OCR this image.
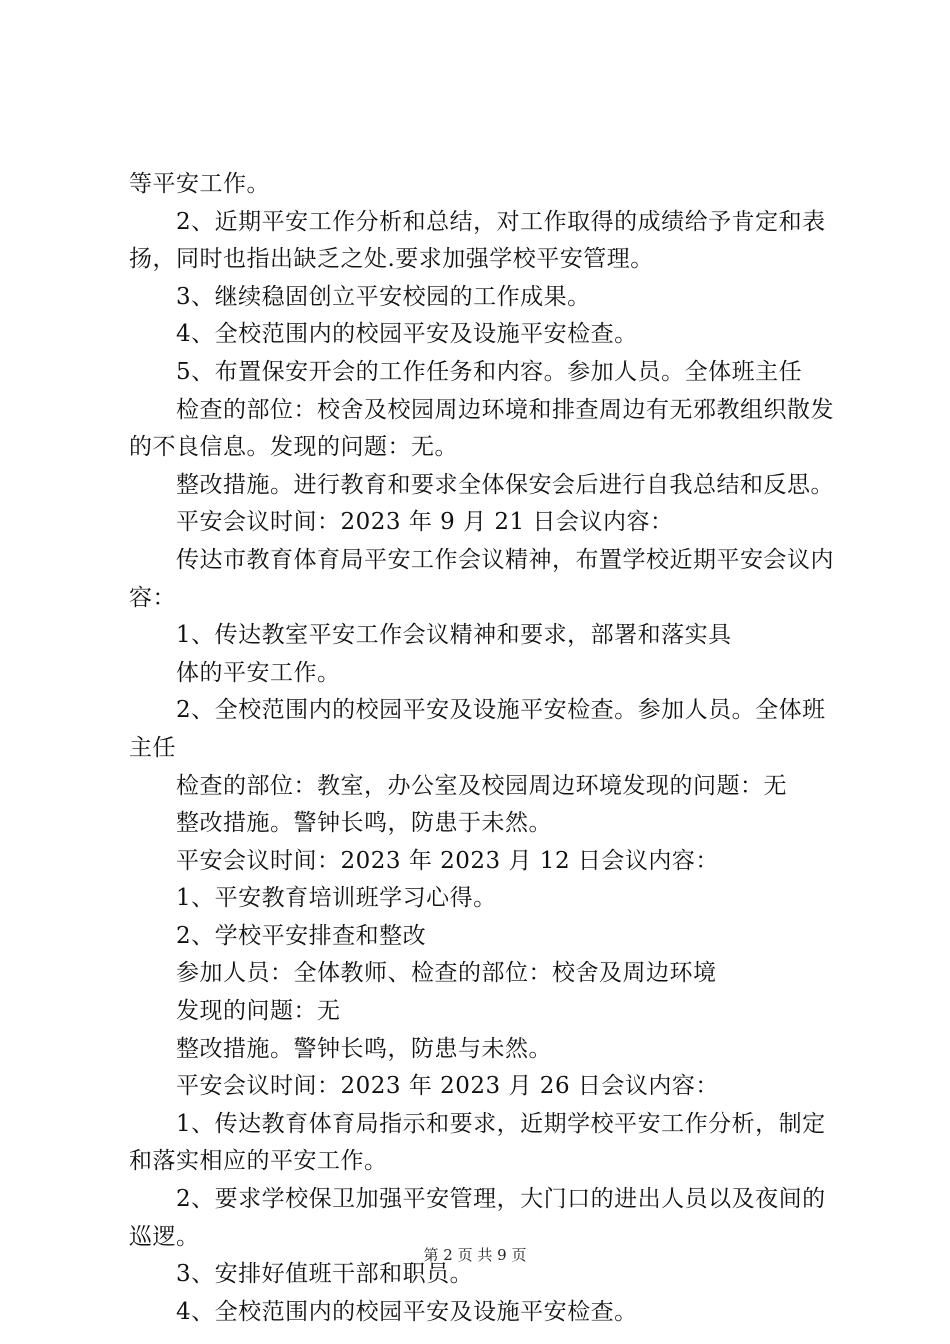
等平安工作。

2、近期平安工作分析和总结，对工作取得的成绩给予肯定和表扬，同时也指出缺乏之处.要求加强学校平安管理。

3、继续稳固创立平安校园的工作成果。

4、全校范围内的校园平安及设施平安检查。

5、布置保安开会的工作任务和内容。参加人员。全体班主任

检查的部位：校舍及校园周边环境和排查周边有无邪教组织散发的不良信息。发现的问题：无。

整改措施。进行教育和要求全体保安会后进行自我总结和反思。

平安会议时间：2023 年 9 月 21 日会议内容：

传达市教育体育局平安工作会议精神，布置学校近期平安会议内容：

1、传达教室平安工作会议精神和要求，部署和落实具

体的平安工作。

2、全校范围内的校园平安及设施平安检查。参加人员。全体班主任

检查的部位：教室，办公室及校园周边环境发现的问题：无

整改措施。警钟长鸣，防患于未然。

平安会议时间：2023 年 2023 月 12 日会议内容：

1、平安教育培训班学习心得。

2、学校平安排查和整改

参加人员：全体教师、检查的部位：校舍及周边环境

发现的问题：无

整改措施。警钟长鸣，防患与未然。

平安会议时间：2023 年 2023 月 26 日会议内容：

1、传达教育体育局指示和要求，近期学校平安工作分析，制定和落实相应的平安工作。

2、要求学校保卫加强平安管理，大门口的进出人员以及夜间的巡逻。

3、安排好值班干部和职员。

4、全校范围内的校园平安及设施平安检查。

第 2 页 共 9 页
